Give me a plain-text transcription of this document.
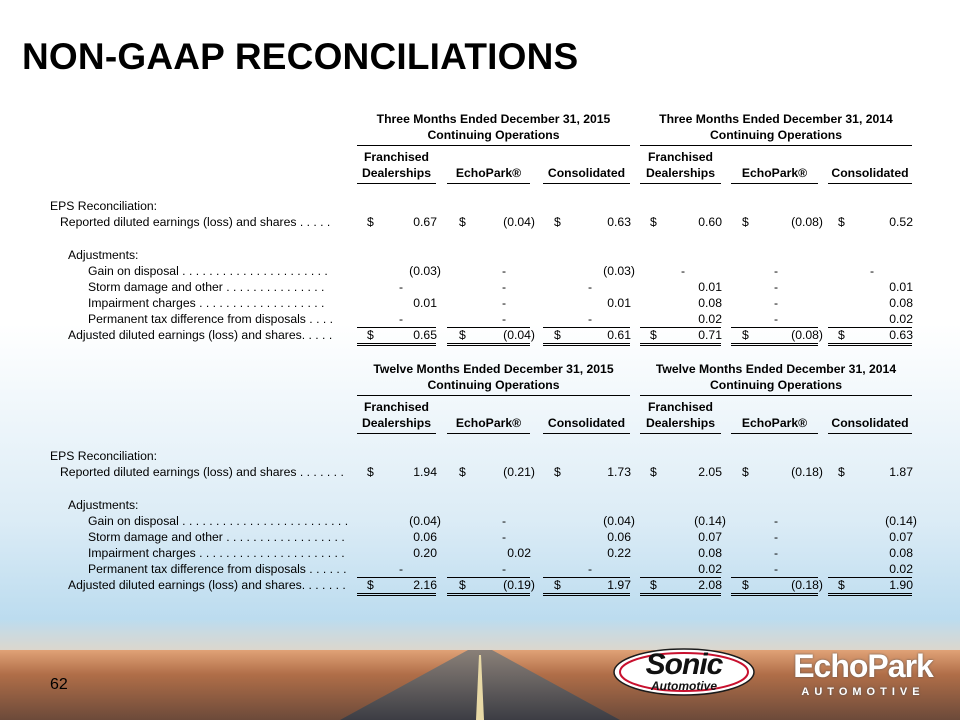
NON-GAAP RECONCILIATIONS
Three Months Ended December 31, 2015
Continuing Operations
Three Months Ended December 31, 2014
Continuing Operations
Franchised
Dealerships	EchoPark®	Consolidated
Franchised
Dealerships	EchoPark®	Consolidated
EPS Reconciliation:
Reported diluted earnings (loss) and shares . . . . .	$	0.67 $	(0.04) $	0.63 $	0.60 $	(0.08) $	0.52
Adjustments:
Gain on disposal . . . . . . . . . . . . . . . . . . . . . .	(0.03)	-	(0.03)	-	-	-
Storm damage and other . . . . . . . . . . . . . . .	-	-	-	0.01	-	0.01
Impairment charges . . . . . . . . . . . . . . . . . . .	0.01	-	0.01	0.08	-	0.08
Permanent tax difference from disposals . . . .	-	-	-	0.02	-	0.02
Adjusted diluted earnings (loss) and shares. . . . .	$	0.65 $	(0.04) $	0.61 $	0.71 $	(0.08) $	0.63
Twelve Months Ended December 31, 2015
Continuing Operations
Twelve Months Ended December 31, 2014
Continuing Operations
Franchised
Dealerships	EchoPark®	Consolidated
Franchised
Dealerships	EchoPark®	Consolidated
EPS Reconciliation:
Reported diluted earnings (loss) and shares . . . . . . . $	1.94 $	(0.21) $	1.73 $	2.05 $	(0.18) $	1.87
Adjustments:
Gain on disposal . . . . . . . . . . . . . . . . . . . . . . . . .	(0.04)	-	(0.04)	(0.14)	-	(0.14)
Storm damage and other . . . . . . . . . . . . . . . . . .	0.06	-	0.06	0.07	-	0.07
Impairment charges . . . . . . . . . . . . . . . . . . . . . .	0.20	0.02	0.22	0.08	-	0.08
Permanent tax difference from disposals . . . . . .	-	-	-	0.02	-	0.02
Adjusted diluted earnings (loss) and shares. . . . . . . $	2.16 $	(0.19) $	1.97 $	2.08 $	(0.18) $	1.90
62
Sonic
Automotive
EchoPark
AUTOMOTIVE
